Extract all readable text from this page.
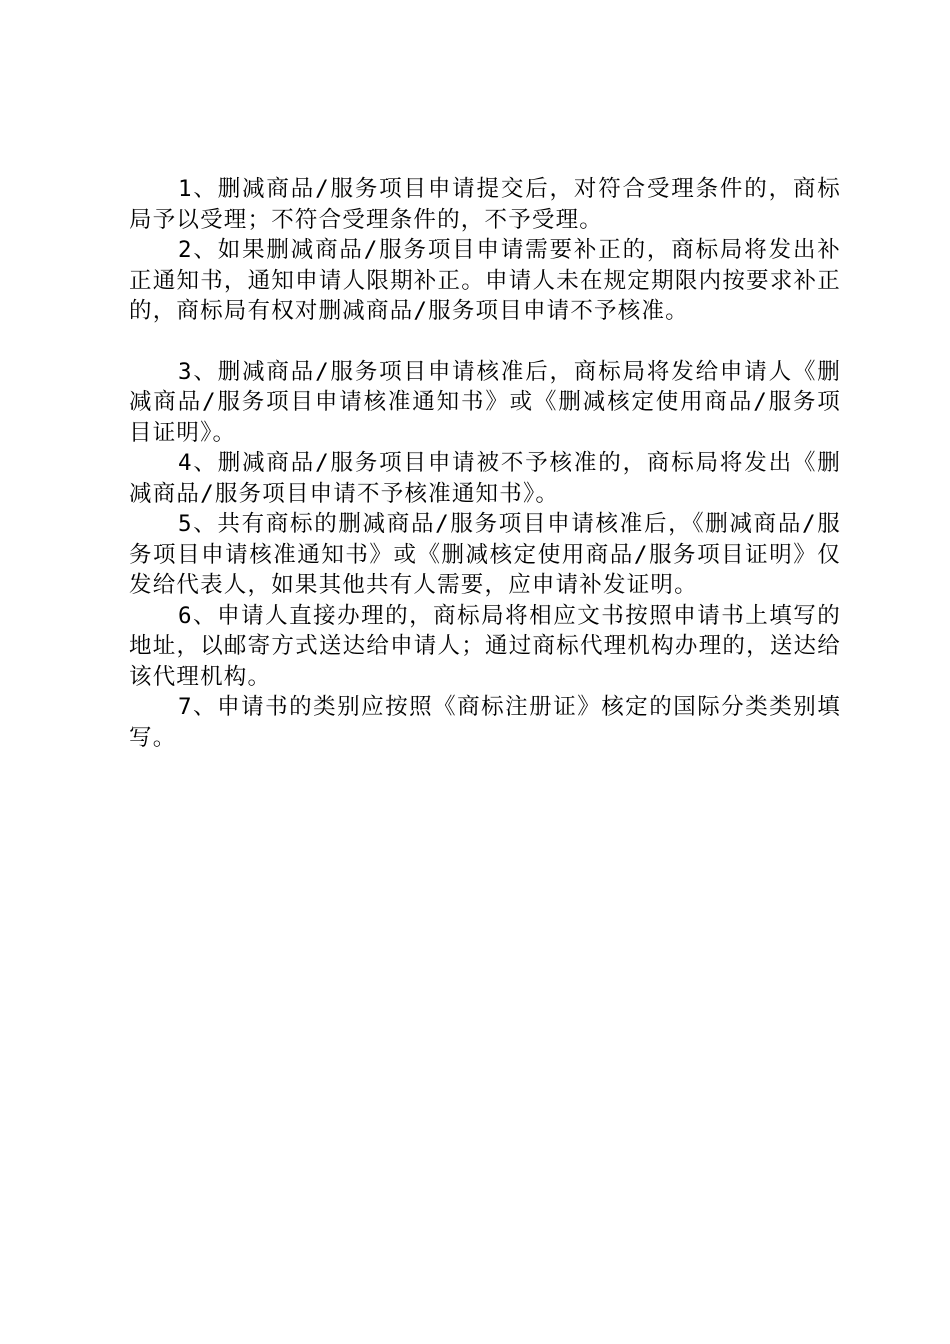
1、删减商品/服务项目申请提交后，对符合受理条件的，商标局予以受理；不符合受理条件的，不予受理。

2、如果删减商品/服务项目申请需要补正的，商标局将发出补正通知书，通知申请人限期补正。申请人未在规定期限内按要求补正的，商标局有权对删减商品/服务项目申请不予核准。

3、删减商品/服务项目申请核准后，商标局将发给申请人《删减商品/服务项目申请核准通知书》或《删减核定使用商品/服务项目证明》。

4、删减商品/服务项目申请被不予核准的，商标局将发出《删减商品/服务项目申请不予核准通知书》。

5、共有商标的删减商品/服务项目申请核准后，《删减商品/服务项目申请核准通知书》或《删减核定使用商品/服务项目证明》仅发给代表人，如果其他共有人需要，应申请补发证明。

6、申请人直接办理的，商标局将相应文书按照申请书上填写的地址，以邮寄方式送达给申请人；通过商标代理机构办理的，送达给该代理机构。

7、申请书的类别应按照《商标注册证》核定的国际分类类别填写。
